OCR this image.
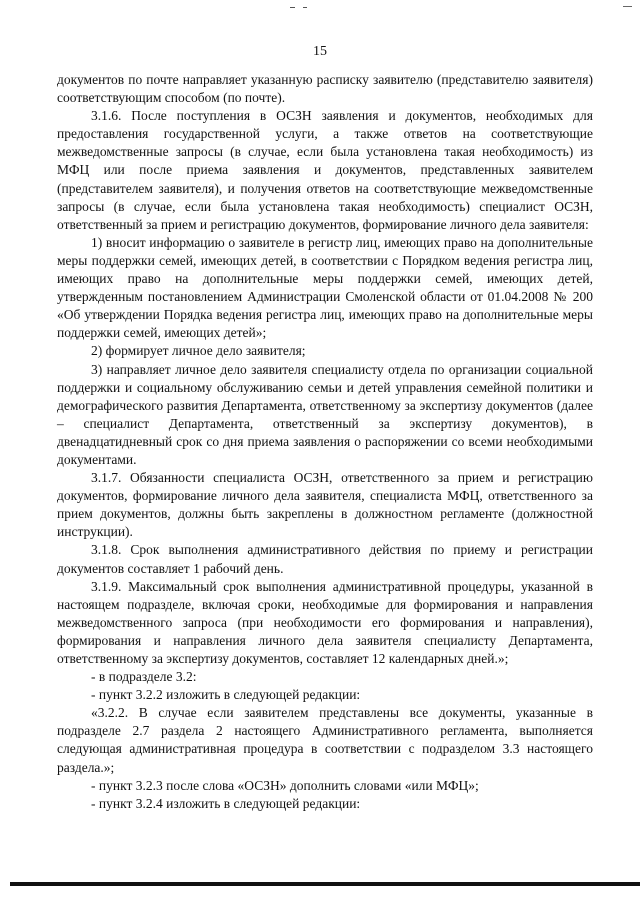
15

документов по почте направляет указанную расписку заявителю (представителю заявителя) соответствующим способом (по почте).

3.1.6. После поступления в ОСЗН заявления и документов, необходимых для предоставления государственной услуги, а также ответов на соответствующие межведомственные запросы (в случае, если была установлена такая необходимость) из МФЦ или после приема заявления и документов, представленных заявителем (представителем заявителя), и получения ответов на соответствующие межведомственные запросы (в случае, если была установлена такая необходимость) специалист ОСЗН, ответственный за прием и регистрацию документов, формирование личного дела заявителя:

1) вносит информацию о заявителе в регистр лиц, имеющих право на дополнительные меры поддержки семей, имеющих детей, в соответствии с Порядком ведения регистра лиц, имеющих право на дополнительные меры поддержки семей, имеющих детей, утвержденным постановлением Администрации Смоленской области от 01.04.2008 № 200 «Об утверждении Порядка ведения регистра лиц, имеющих право на дополнительные меры поддержки семей, имеющих детей»;

2) формирует личное дело заявителя;

3) направляет личное дело заявителя специалисту отдела по организации социальной поддержки и социальному обслуживанию семьи и детей управления семейной политики и демографического развития Департамента, ответственному за экспертизу документов (далее – специалист Департамента, ответственный за экспертизу документов), в двенадцатидневный срок со дня приема заявления о распоряжении со всеми необходимыми документами.

3.1.7. Обязанности специалиста ОСЗН, ответственного за прием и регистрацию документов, формирование личного дела заявителя, специалиста МФЦ, ответственного за прием документов, должны быть закреплены в должностном регламенте (должностной инструкции).

3.1.8. Срок выполнения административного действия по приему и регистрации документов составляет 1 рабочий день.

3.1.9. Максимальный срок выполнения административной процедуры, указанной в настоящем подразделе, включая сроки, необходимые для формирования и направления межведомственного запроса (при необходимости его формирования и направления), формирования и направления личного дела заявителя специалисту Департамента, ответственному за экспертизу документов, составляет 12 календарных дней.»;

- в подразделе 3.2:

- пункт 3.2.2 изложить в следующей редакции:

«3.2.2. В случае если заявителем представлены все документы, указанные в подразделе 2.7 раздела 2 настоящего Административного регламента, выполняется следующая административная процедура в соответствии с подразделом 3.3 настоящего раздела.»;

- пункт 3.2.3 после слова «ОСЗН» дополнить словами «или МФЦ»;

- пункт 3.2.4 изложить в следующей редакции:
